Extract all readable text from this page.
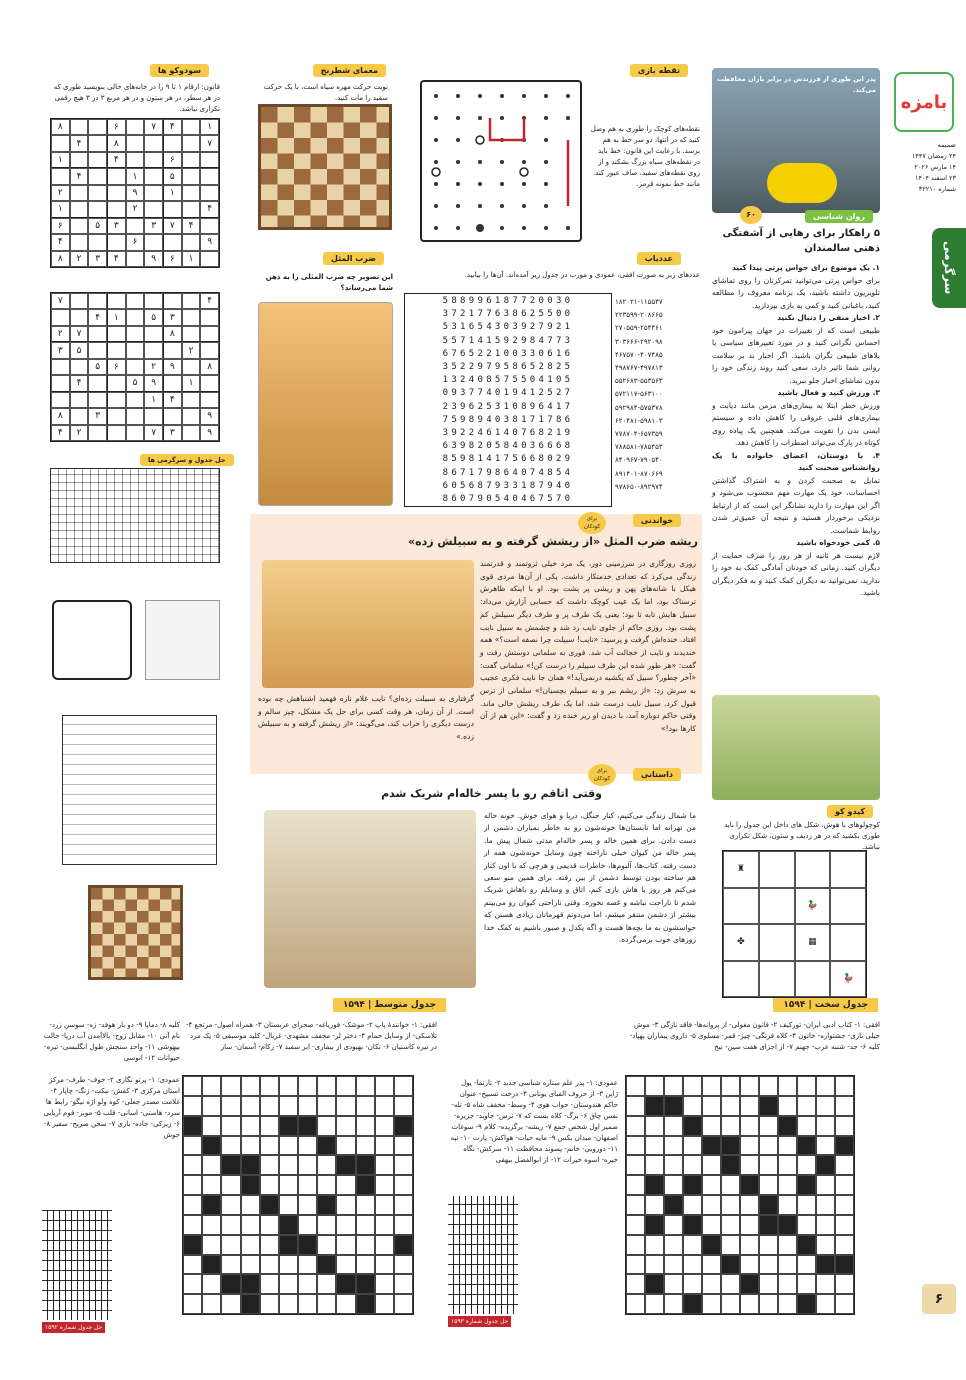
بامزه
ضمیمه
۲۴ رمضان ۱۴۴۷
۱۴ مارس ۲۰۲۶
۲۳ اسفند ۱۴۰۴
شماره ۳۲۲۱۰
سرگرمی
۶
پدر این طوری از فرزندش در برابر باران محافظت می‌کند.
روان شناسی
۶۰
۵ راهکار برای رهایی از آشفتگی ذهنی سالمندان
۱. یک موضوع برای حواس پرتی پیدا کنید
برای حواس پرتی می‌توانید تمرکزتان را روی تماشای تلویزیون داشته باشید، یک برنامه معروف را مطالعه کنید، باغبانی کنید و کمی به بازی بپردازید.
۲. اخبار منفی را دنبال نکنید
طبیعی است که از تغییرات در جهان پیرامون خود احساس نگرانی کنید و در مورد تغییرهای سیاسی یا بلاهای طبیعی نگران باشید. اگر اخبار بد بر سلامت روانی شما تاثیر دارد، سعی کنید روند زندگی خود را بدون تماشای اخبار جلو ببرید.
۳. ورزش کنید و فعال باشید
ورزش خطر ابتلا به بیماری‌های مزمن مانند دیابت و بیماری‌های قلبی عروقی را کاهش داده و سیستم ایمنی بدن را تقویت می‌کند. همچنین یک پیاده روی کوتاه در پارک می‌تواند اضطراب را کاهش دهد.
۴. با دوستان، اعضای خانواده یا یک روانشناس صحبت کنید
تمایل به صحبت کردن و به اشتراک گذاشتن احساسات، خود یک مهارت مهم محسوب می‌شود و اگر این مهارت را دارید نشانگر این است که از ارتباط نزدیکی برخوردار هستید و نتیجه آن عمیق‌تر شدن روابط شماست.
۵. کمی خودخواه باشید
لازم نیست هر ثانیه از هر روز را صرف حمایت از دیگران کنید. زمانی که خودتان آمادگی کمک به خود را ندارید، نمی‌توانید به دیگران کمک کنید و به فکر دیگران باشید.
کیدو کو
کوچولوهای با هوش، شکل های داخل این جدول را باید طوری بکشید که در هر ردیف و ستون، شکل تکراری نباشد.
♜
🦆
▦
✤
🦆
نقطه بازی
نقطه‌های کوچک را طوری به هم وصل کنید که در انتها، دو سر خط به هم برسد. با رعایت این قانون: خط باید در نقطه‌های سیاه بزرگ بشکند و از روی نقطه‌های سفید، صاف عبور کند. مانند خط نمونه قرمز.
معمای شطرنج
نوبت حرکت مهره سیاه است، با یک حرکت سفید را مات کنید.
سودوکو ها
قانون: ارقام ۱ تا ۹ را در خانه‌های خالی بنویسید طوری که در هر سطر، در هر ستون و در هر مربع ۳ در ۳ هیچ رقمی تکراری نباشد.
۱
۴
۷
۶
۸
۷
۸
۴
۶
۴
۱
۵
۱
۴
۱
۹
۲
۴
۲
۱
۴
۷
۳
۳
۵
۶
۹
۶
۴
۱
۶
۹
۴
۳
۲
۸
۴
۷
۳
۵
۱
۴
۸
۷
۲
۲
۵
۳
۸
۹
۲
۶
۵
۱
۹
۵
۴
۴
۱
۹
۳
۸
۹
۳
۷
۲
۴
حل جدول و سرگرمی ها
عددیاب
عددهای زیر به صورت افقی، عمودی و مورب در جدول زیر آمده‌اند. آن‌ها را بیابید.
۱۸۲۰۲۱-۱۱۵۵۴۷
۲۲۳۵۹۹-۲۰۸۶۶۵
۲۷۰۵۵۹-۲۵۴۴۶۱
۳۰۳۶۶۶-۲۹۲۰۹۸
۴۶۷۵۷۰-۴۰۷۴۸۵
۴۹۸۷۶۷-۴۹۷۸۱۳
۵۵۲۶۸۳-۵۵۳۵۶۳
۵۷۲۱۱۷-۵۶۳۱۰۰
۵۹۲۹۸۴-۵۷۵۳۷۸
۶۲۰۴۸۱-۵۹۸۱۰۳
۷۷۸۷۰۴-۶۵۷۳۵۹
۷۸۸۵۸۱-۷۸۵۴۵۳
۸۴۰۹۶۷-۷۹۰۵۴۰
۸۹۱۴۰۱-۸۷۰۶۶۹
۹۷۸۶۵۰-۸۹۲۹۷۴
588996187720030
372177638625500
531654303927921
557141592984773
676522100330616
352297958652825
132408575504105
093774019412527
239625310896417
759894038171786
392246140768219
639820584036668
859814175668029
867179864074854
605687933187940
860790540467570
ضرب المثل
این تصویر چه ضرب المثلی را به ذهن شما می‌رساند؟
خواندنی
برای کودکان
ریشه ضرب المثل «از ریشش گرفته و به سبیلش زده»
روزی روزگاری در سرزمینی دور، یک مرد خیلی ثروتمند و قدرتمند زندگی می‌کرد که تعدادی خدمتکار داشت. یکی از آن‌ها مردی قوی هیکل با شانه‌های پهن و ریشی پر پشت بود. او با اینکه ظاهرش ترسناک بود، اما یک عیب کوچک داشت که حسابی آزارش می‌داد: سبیل هایش تابه تا بود؛ یعنی یک طرف پر و طرف دیگر سبیلش کم پشت بود. روزی حاکم از جلوی نایب رد شد و چشمش به سبیل نایب افتاد. خنده‌اش گرفت و پرسید: «نایب! سبیلت چرا نصفه است؟» همه خندیدند و نایب از خجالت آب شد. فوری به سلمانی دوستش رفت و گفت: «هر طور شده این طرف سبیلم را درست کن!» سلمانی گفت: «آخر چطور؟ سبیل که یکشبه درنمی‌آید!» همان جا نایب فکری عجیب به سرش زد: «از ریشم ببر و به سبیلم بچسبان!» سلمانی از ترس قبول کرد. سبیل نایب درست شد، اما یک طرف ریشش خالی ماند. وقتی حاکم دوباره آمد، با دیدن او زیر خنده زد و گفت: «این هم از آن کارها بود!»
گرفتاری به سبیلت زده‌ای؟ نایب غلام تازه فهمید اشتباهش چه بوده است. از آن زمان، هر وقت کسی برای حل یک مشکل، چیز سالم و درست دیگری را خراب کند، می‌گویند: «از ریشش گرفته و به سبیلش زده.»
داستانی
برای کودکان
وقتی اتاقم رو با پسر خاله‌ام شریک شدم
ما شمال زندگی می‌کنیم، کنار جنگل، دریا و هوای خوش. خونه خاله من تهرانه اما تابستان‌ها خونه‌شون رو به خاطر بمباران دشمن از دست دادن. برای همین خاله و پسر خاله‌ام مدتی شمال پیش ما. پسر خاله من کیوان خیلی ناراحته چون وسایل خونه‌شون همه از دست رفته. کتاب‌ها، آلبوم‌ها، خاطرات قدیمی و هرچی که با اون کنار هم ساخته بودن توسط دشمن از بین رفته. برای همین منو سعی می‌کنم هر روز با هاش بازی کنم، اتاق و وسایلم رو باهاش شریک شدم تا ناراحت نباشه و غصه نخوره. وقتی ناراحتی کیوان رو می‌بینم بیشتر از دشمن متنفر میشم، اما می‌دونم قهرمانان زیادی هستن که حواسشون به ما بچه‌ها هست و اگه یکدل و صبور باشیم به کمک خدا روزهای خوب برمی‌گرده.
جدول سخت | ۱۵۹۴
افقی: ۱- کتاب ادبی ایران- تورکیف ۲- قانون مغولی- از پروانه‌ها- فاقد نازگی ۳- موش خیلی بازی- جشنواره- خاتون ۴- کلاه فرنگی- چیز- قمر- مسلوی ۵- داروی پیماران پهپاد- کلیه ۶- جد- شنبه عرب- جهنم ۷- از اجزای هفت سین- نیخ
عمودی: ۱- پدر علم ستاره شناسی جدید ۲- تارتما- پول ژاپن ۳- از حروف الفبای یونانی ۴- درخت تسبیح- عنوان حاکم هندوستان- جواب هوی ۴- وسط- مخفف شاه ۵- تله- نفس چاق ۶- برگ- کلاه بست که ۷- ترس- جاوید- جزیره- ضمیر اول شخص جمع ۷- ریشه- برگزیده- کلام ۹- سوغات اصفهان- میدان بکس ۹- مایه حیات- هواکش- پارت ۱۰- تپه ۱۱- دوروبی- خانم- پسوند محافظت ۱۱- سرکش- نگاه خیره- اسوه خیرات ۱۲- از ابوالفضل بیهقی
حل جدول شماره ۱۵۹۳
جدول متوسط | ۱۵۹۴
افقی: ۱- خوانندۀ پاپ ۲- موشک- فوریاغه- صحرای عربستان ۳- همراه اصول- مرتجع ۴- تلاسکی- از وسایل حمام ۴- دختر لر- مخفف مشهدی- غربال- کلید موسیقی ۵- یک مرد در تیره کاستیان ۶- تکان- بهبودی از بیماری- ابر سفید ۷- زکام- آسمان- ساز
عمودی: ۱- پرتو نگاری ۲- خوف- طرف- مرکز استان مرکزی ۳- کفش- نیکت- زنگ- چاپار ۴- غلامت مصدر جعلی- کوه ولو اژه نیگو- رابط ها سرد- هاستی- اسانی- قلب ۵- مویز- قوم آریایی ۶- زیرکی- جاده- بازی ۷- سخن صریح- سفیر ۸- جوش
کلیه ۸- دماپا ۹- دو بار هوفد- زه- سوسن زرد- نام آتی ۱۰- مقابل زوج- بالاآمدن آب دریا- حالت بیهوشی ۱۱- واحد سنجش طول انگلیسی- تیره- حیوانات ۱۲- انوسی
حل جدول شماره ۱۵۹۲
